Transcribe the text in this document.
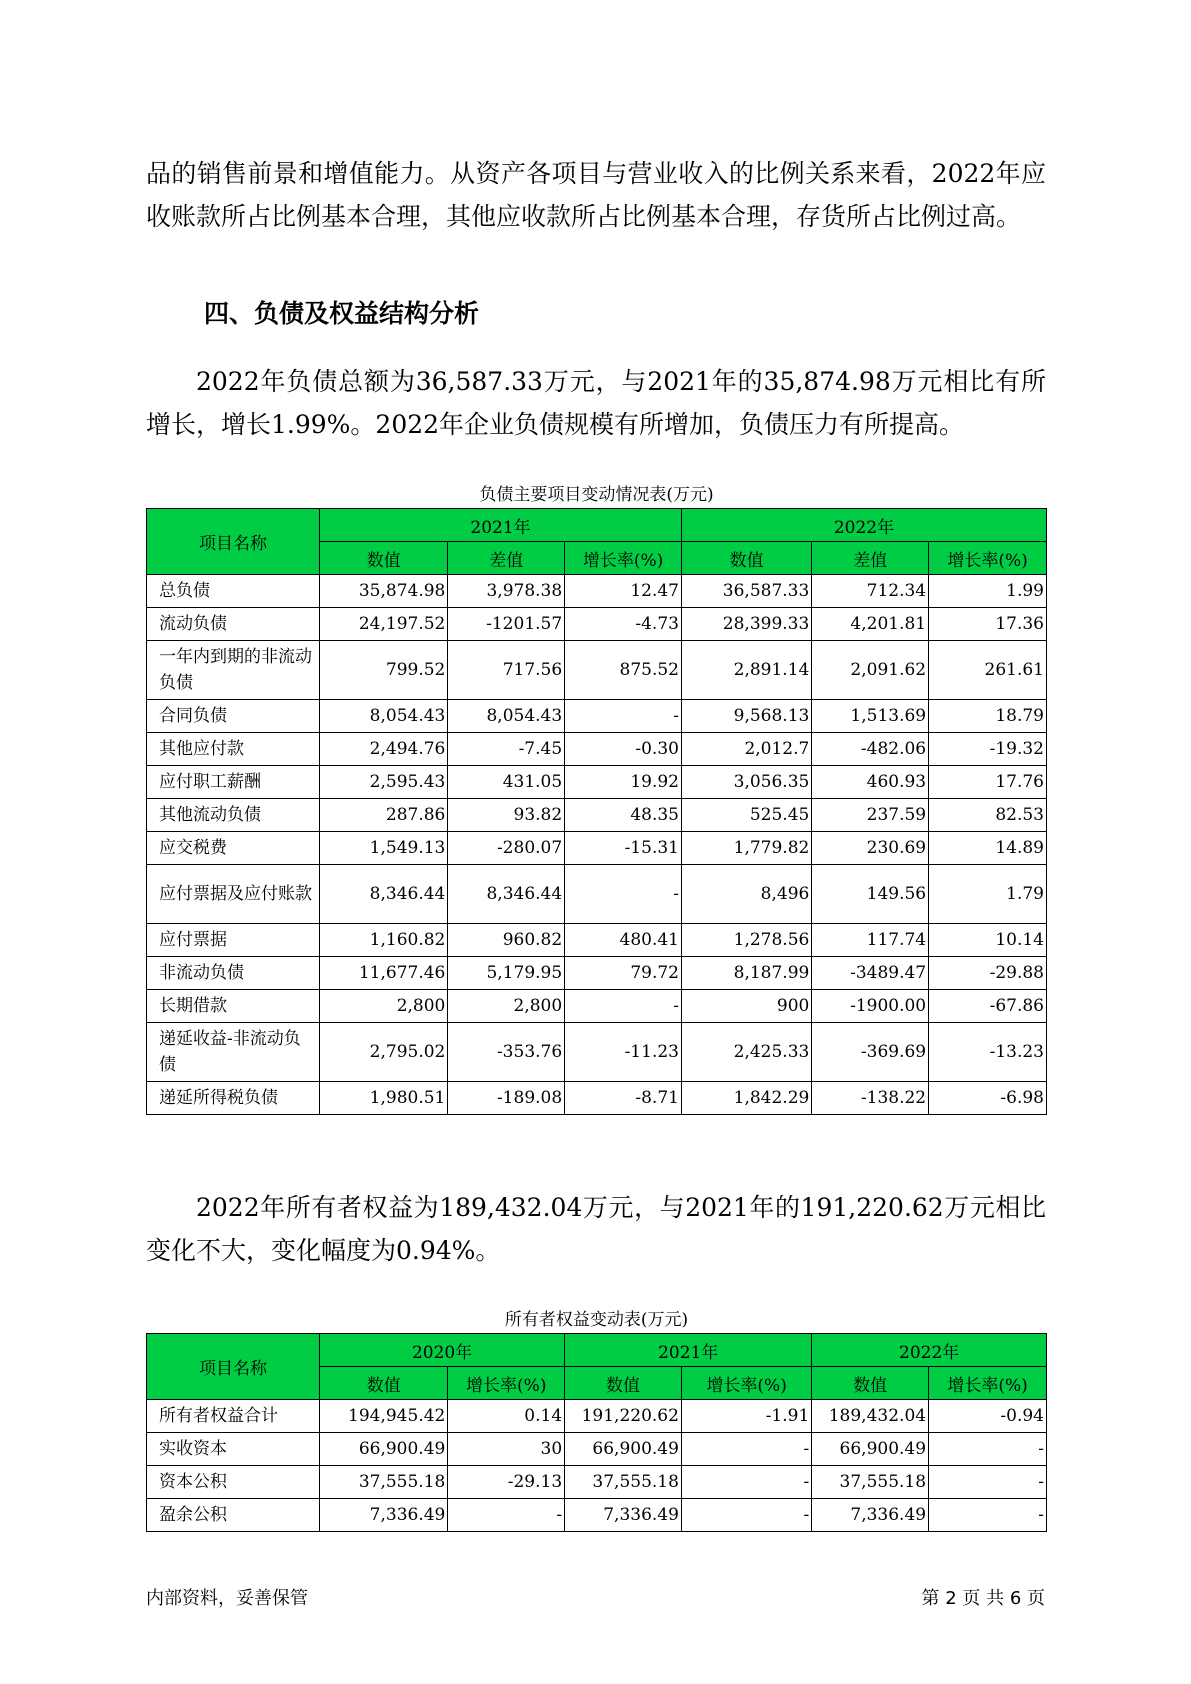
品的销售前景和增值能力。从资产各项目与营业收入的比例关系来看，2022年应收账款所占比例基本合理，其他应收款所占比例基本合理，存货所占比例过高。

四、负债及权益结构分析

2022年负债总额为36,587.33万元，与2021年的35,874.98万元相比有所增长，增长1.99%。2022年企业负债规模有所增加，负债压力有所提高。

负债主要项目变动情况表(万元)

项目名称	2021年			2022年		
	数值	差值	增长率(%)	数值	差值	增长率(%)
总负债	35,874.98	3,978.38	12.47	36,587.33	712.34	1.99
流动负债	24,197.52	-1201.57	-4.73	28,399.33	4,201.81	17.36
一年内到期的非流动负债	799.52	717.56	875.52	2,891.14	2,091.62	261.61
合同负债	8,054.43	8,054.43	-	9,568.13	1,513.69	18.79
其他应付款	2,494.76	-7.45	-0.30	2,012.7	-482.06	-19.32
应付职工薪酬	2,595.43	431.05	19.92	3,056.35	460.93	17.76
其他流动负债	287.86	93.82	48.35	525.45	237.59	82.53
应交税费	1,549.13	-280.07	-15.31	1,779.82	230.69	14.89
应付票据及应付账款	8,346.44	8,346.44	-	8,496	149.56	1.79
应付票据	1,160.82	960.82	480.41	1,278.56	117.74	10.14
非流动负债	11,677.46	5,179.95	79.72	8,187.99	-3489.47	-29.88
长期借款	2,800	2,800	-	900	-1900.00	-67.86
递延收益-非流动负债	2,795.02	-353.76	-11.23	2,425.33	-369.69	-13.23
递延所得税负债	1,980.51	-189.08	-8.71	1,842.29	-138.22	-6.98

2022年所有者权益为189,432.04万元，与2021年的191,220.62万元相比变化不大，变化幅度为0.94%。

所有者权益变动表(万元)

项目名称	2020年		2021年		2022年	
	数值	增长率(%)	数值	增长率(%)	数值	增长率(%)
所有者权益合计	194,945.42	0.14	191,220.62	-1.91	189,432.04	-0.94
实收资本	66,900.49	30	66,900.49	-	66,900.49	-
资本公积	37,555.18	-29.13	37,555.18	-	37,555.18	-
盈余公积	7,336.49	-	7,336.49	-	7,336.49	-

内部资料，妥善保管	第 2 页 共 6 页
